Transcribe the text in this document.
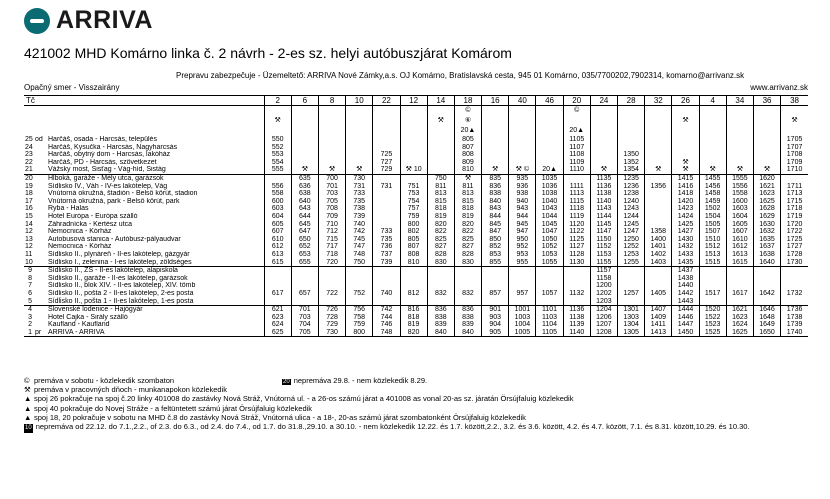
ARRIVA
421002 MHD Komárno linka č. 2 návrh - 2-es sz. helyi autóbuszjárat Komárom
Prepravu zabezpečuje - Üzemeltető: ARRIVA Nové Zámky,a.s. OJ Komárno, Bratislavská cesta, 945 01 Komárno, 035/7700202,7902314, komarno@arrivanz.sk
Opačný smer - Visszairány	www.arrivanz.sk
Tč			2	6	8	10	22	12	14	18	16	40	46	20	24	28	32	26	4	34	36	38
										©				©								
			⚒						⚒	⑥								⚒				⚒
										20▲				20▲								
25	od	Harčáš, osada - Harcsás, település	550							805				1105								1705
24		Harčáš, Kysučka - Harcsás, Nagyharcsás	552							807				1107								1707
23		Harčáš, obytný dom - Harcsás, lakóház	553				725			808				1108		1350						1708
22		Harčáš, PD - Harcsás, szövetkezet	554				727			809				1109		1352		⚒				1709
21		Vážsky most, Sisťag - Vág-híd, Sistág	555	⚒	⚒	⚒	729	⚒ 10		810	⚒	⚒ ©	20▲	1110	⚒	1354	⚒	⚒	⚒	⚒	⚒	1710
20		Hlboká, garáže - Mély utca, garázsok		635	700	730			750	⚒	835	935	1035		1135	1235		1415	1455	1555	1620	
19		Sídlisko IV., Váh - IV-es lakótelep, Vág	556	636	701	731	731	751	811	811	836	936	1036	1111	1136	1236	1356	1416	1456	1556	1621	1711
18		Vnútorná okružná, štadión - Belső körút, stadion	558	638	703	733		753	813	813	838	938	1038	1113	1138	1238		1418	1458	1558	1623	1713
17		Vnútorná okružná, park - Belső körút, park	600	640	705	735		754	815	815	840	940	1040	1115	1140	1240		1420	1459	1600	1625	1715
16		Ryba - Halas	603	643	708	738		757	818	818	843	943	1043	1118	1143	1243		1423	1502	1603	1628	1718
15		Hotel Európa - Európa szálló	604	644	709	739		759	819	819	844	944	1044	1119	1144	1244		1424	1504	1604	1629	1719
14		Záhradnícka - Kertész utca	605	645	710	740		800	820	820	845	945	1045	1120	1145	1245		1425	1505	1605	1630	1720
12		Nemocnica - Kórház	607	647	712	742	733	802	822	822	847	947	1047	1122	1147	1247	1358	1427	1507	1607	1632	1722
13		Autobusová stanica - Autóbusz-pályaudvar	610	650	715	745	735	805	825	825	850	950	1050	1125	1150	1250	1400	1430	1510	1610	1635	1725
12		Nemocnica - Kórház	612	652	717	747	736	807	827	827	852	952	1052	1127	1152	1252	1401	1432	1512	1612	1637	1727
11		Sídlisko II., plynáreň - II-es lakótelep, gázgyár	613	653	718	748	737	808	828	828	853	953	1053	1128	1153	1253	1402	1433	1513	1613	1638	1728
10		Sídlisko I., zelenina - I-es lakótelep, zöldséges	615	655	720	750	739	810	830	830	855	955	1055	1130	1155	1255	1403	1435	1515	1615	1640	1730
9		Sídlisko II., ZŠ - II-es lakótelep, alapiskola													1157			1437				
8		Sídlisko II., garáže - II-es lakótelep, garázsok													1158			1438				
7		Sídlisko II., blok XIV. - II-es lakótelep, XIV. tömb													1200			1440				
6		Sídlisko II., pošta 2 - II-es lakótelep, 2-es posta	617	657	722	752	740	812	832	832	857	957	1057	1132	1202	1257	1405	1442	1517	1617	1642	1732
5		Sídlisko II., pošta 1 - II-es lakótelep, 1-es posta													1203			1443				
4		Slovenské lodenice - Hajógyár	621	701	726	756	742	816	836	836	901	1001	1101	1136	1204	1301	1407	1444	1520	1621	1646	1736
3		Hotel Cajka - Sirály szálló	623	703	728	758	744	818	838	838	903	1003	1103	1138	1206	1303	1409	1446	1522	1623	1648	1738
2		Kaufland - Kaufland	624	704	729	759	746	819	839	839	904	1004	1104	1139	1207	1304	1411	1447	1523	1624	1649	1739
1	pr	ARRIVA - ARRIVA	625	705	730	800	748	820	840	840	905	1005	1105	1140	1208	1305	1413	1450	1525	1625	1650	1740
© premáva v sobotu - közlekedik szombaton
⚒ premáva v pracovných dňoch - munkanapokon közlekedik
▲ spoj 26 pokračuje na spoj č.20 linky 401008 do zastávky Nová Stráž, Vnútorná ul. - a 26-os számú járat a 401008 as vonal 20-as sz. járatán Örsújfaluig közlekedik
▲ spoj 40 pokračuje do Novej Stráže - a feltüntetett számú járat Örsújfaluig közlekedik
▲ spoj 18, 20 pokračuje v sobotu na MHD č.8 do zastávky Nová Stráž, Vnútorná ulica - a 18-, 20-as számú járat szombatonként Örsújfaluig közlekedik
10 nepremáva od 22.12. do 7.1.,2.2., of 2.3. do 6.3., od 2.4. do 7.4., od 1.7. do 31.8.,29.10. a 30.10. - nem közlekedik 12.22. és 1.7. között,2.2., 3.2. és 3.6. között, 4.2. és 4.7. között, 7.1. és 8.31. között,10.29. és 10.30.
20 nepremáva 29.8. - nem közlekedik 8.29.
